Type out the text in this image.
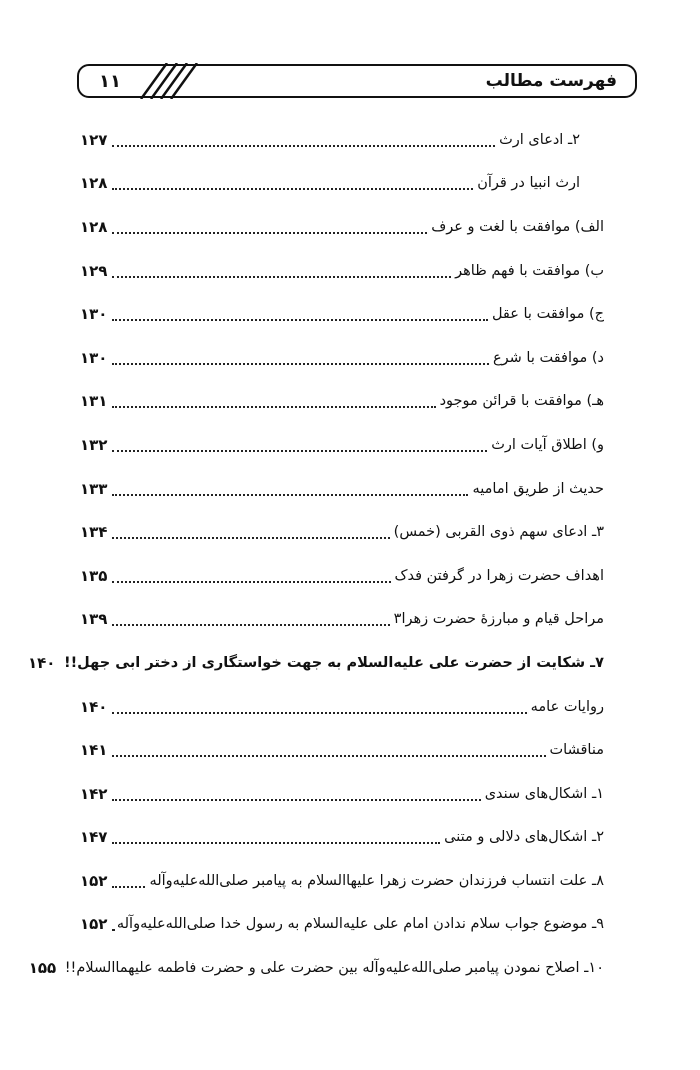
فهرست مطالب
۱۱
۲ـ ادعای ارث
۱۲۷
ارث انبیا در قرآن
۱۲۸
الف) موافقت با لغت و عرف
۱۲۸
ب) موافقت با فهم ظاهر
۱۲۹
ج) موافقت با عقل
۱۳۰
د) موافقت با شرع
۱۳۰
هـ) موافقت با قرائن موجود
۱۳۱
و) اطلاق آیات ارث
۱۳۲
حدیث از طریق امامیه
۱۳۳
۳ـ ادعای سهم ذوی القربی (خمس)
۱۳۴
اهداف حضرت زهرا در گرفتن فدک
۱۳۵
مراحل قیام و مبارزۀ حضرت زهرا۳
۱۳۹
۷ـ شکایت از حضرت علی علیه‌السلام به جهت خواستگاری از دختر ابی جهل!!
۱۴۰
روایات عامه
۱۴۰
مناقشات
۱۴۱
۱ـ اشکال‌های سندی
۱۴۲
۲ـ اشکال‌های دلالی و متنی
۱۴۷
۸ـ علت انتساب فرزندان حضرت زهرا علیهاالسلام به پیامبر صلی‌الله‌علیه‌وآله
۱۵۲
۹ـ موضوع جواب سلام ندادن امام علی علیه‌السلام به رسول خدا صلی‌الله‌علیه‌وآله
۱۵۲
۱۰ـ اصلاح نمودن پیامبر صلی‌الله‌علیه‌وآله بین حضرت علی و حضرت فاطمه علیهماالسلام!!
۱۵۵
